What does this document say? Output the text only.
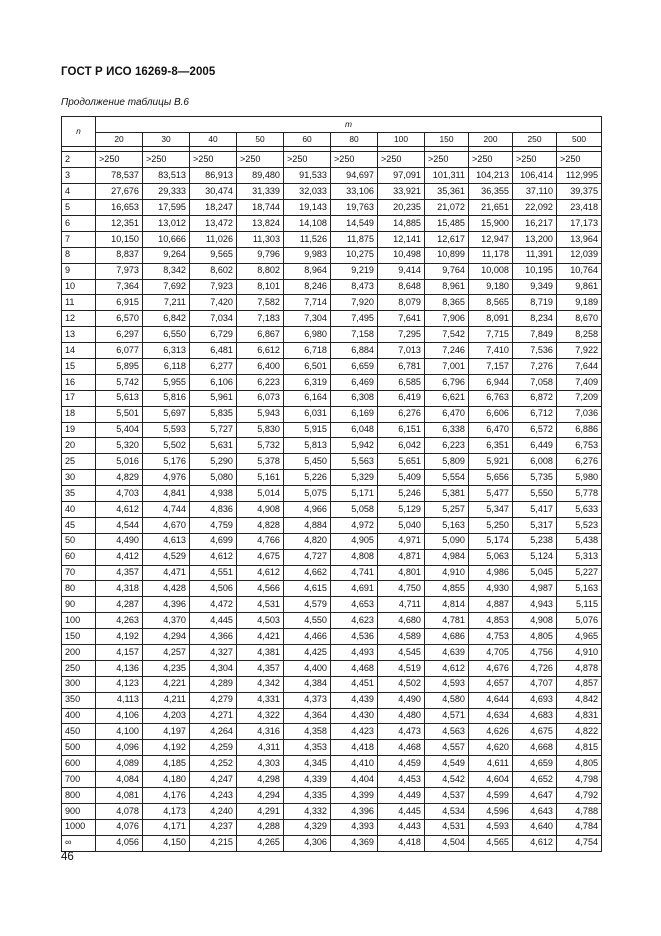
ГОСТ Р ИСО 16269-8—2005
Продолжение таблицы В.6
n	m										
	20	30	40	50	60	80	100	150	200	250	500

2	>250	>250	>250	>250	>250	>250	>250	>250	>250	>250	>250
3	78,537	83,513	86,913	89,480	91,533	94,697	97,091	101,311	104,213	106,414	112,995
4	27,676	29,333	30,474	31,339	32,033	33,106	33,921	35,361	36,355	37,110	39,375
5	16,653	17,595	18,247	18,744	19,143	19,763	20,235	21,072	21,651	22,092	23,418
6	12,351	13,012	13,472	13,824	14,108	14,549	14,885	15,485	15,900	16,217	17,173
7	10,150	10,666	11,026	11,303	11,526	11,875	12,141	12,617	12,947	13,200	13,964
8	8,837	9,264	9,565	9,796	9,983	10,275	10,498	10,899	11,178	11,391	12,039
9	7,973	8,342	8,602	8,802	8,964	9,219	9,414	9,764	10,008	10,195	10,764
10	7,364	7,692	7,923	8,101	8,246	8,473	8,648	8,961	9,180	9,349	9,861
11	6,915	7,211	7,420	7,582	7,714	7,920	8,079	8,365	8,565	8,719	9,189
12	6,570	6,842	7,034	7,183	7,304	7,495	7,641	7,906	8,091	8,234	8,670
13	6,297	6,550	6,729	6,867	6,980	7,158	7,295	7,542	7,715	7,849	8,258
14	6,077	6,313	6,481	6,612	6,718	6,884	7,013	7,246	7,410	7,536	7,922
15	5,895	6,118	6,277	6,400	6,501	6,659	6,781	7,001	7,157	7,276	7,644
16	5,742	5,955	6,106	6,223	6,319	6,469	6,585	6,796	6,944	7,058	7,409
17	5,613	5,816	5,961	6,073	6,164	6,308	6,419	6,621	6,763	6,872	7,209
18	5,501	5,697	5,835	5,943	6,031	6,169	6,276	6,470	6,606	6,712	7,036
19	5,404	5,593	5,727	5,830	5,915	6,048	6,151	6,338	6,470	6,572	6,886
20	5,320	5,502	5,631	5,732	5,813	5,942	6,042	6,223	6,351	6,449	6,753
25	5,016	5,176	5,290	5,378	5,450	5,563	5,651	5,809	5,921	6,008	6,276
30	4,829	4,976	5,080	5,161	5,226	5,329	5,409	5,554	5,656	5,735	5,980
35	4,703	4,841	4,938	5,014	5,075	5,171	5,246	5,381	5,477	5,550	5,778
40	4,612	4,744	4,836	4,908	4,966	5,058	5,129	5,257	5,347	5,417	5,633
45	4,544	4,670	4,759	4,828	4,884	4,972	5,040	5,163	5,250	5,317	5,523
50	4,490	4,613	4,699	4,766	4,820	4,905	4,971	5,090	5,174	5,238	5,438
60	4,412	4,529	4,612	4,675	4,727	4,808	4,871	4,984	5,063	5,124	5,313
70	4,357	4,471	4,551	4,612	4,662	4,741	4,801	4,910	4,986	5,045	5,227
80	4,318	4,428	4,506	4,566	4,615	4,691	4,750	4,855	4,930	4,987	5,163
90	4,287	4,396	4,472	4,531	4,579	4,653	4,711	4,814	4,887	4,943	5,115
100	4,263	4,370	4,445	4,503	4,550	4,623	4,680	4,781	4,853	4,908	5,076
150	4,192	4,294	4,366	4,421	4,466	4,536	4,589	4,686	4,753	4,805	4,965
200	4,157	4,257	4,327	4,381	4,425	4,493	4,545	4,639	4,705	4,756	4,910
250	4,136	4,235	4,304	4,357	4,400	4,468	4,519	4,612	4,676	4,726	4,878
300	4,123	4,221	4,289	4,342	4,384	4,451	4,502	4,593	4,657	4,707	4,857
350	4,113	4,211	4,279	4,331	4,373	4,439	4,490	4,580	4,644	4,693	4,842
400	4,106	4,203	4,271	4,322	4,364	4,430	4,480	4,571	4,634	4,683	4,831
450	4,100	4,197	4,264	4,316	4,358	4,423	4,473	4,563	4,626	4,675	4,822
500	4,096	4,192	4,259	4,311	4,353	4,418	4,468	4,557	4,620	4,668	4,815
600	4,089	4,185	4,252	4,303	4,345	4,410	4,459	4,549	4,611	4,659	4,805
700	4,084	4,180	4,247	4,298	4,339	4,404	4,453	4,542	4,604	4,652	4,798
800	4,081	4,176	4,243	4,294	4,335	4,399	4,449	4,537	4,599	4,647	4,792
900	4,078	4,173	4,240	4,291	4,332	4,396	4,445	4,534	4,596	4,643	4,788
1000	4,076	4,171	4,237	4,288	4,329	4,393	4,443	4,531	4,593	4,640	4,784
∞	4,056	4,150	4,215	4,265	4,306	4,369	4,418	4,504	4,565	4,612	4,754
46
